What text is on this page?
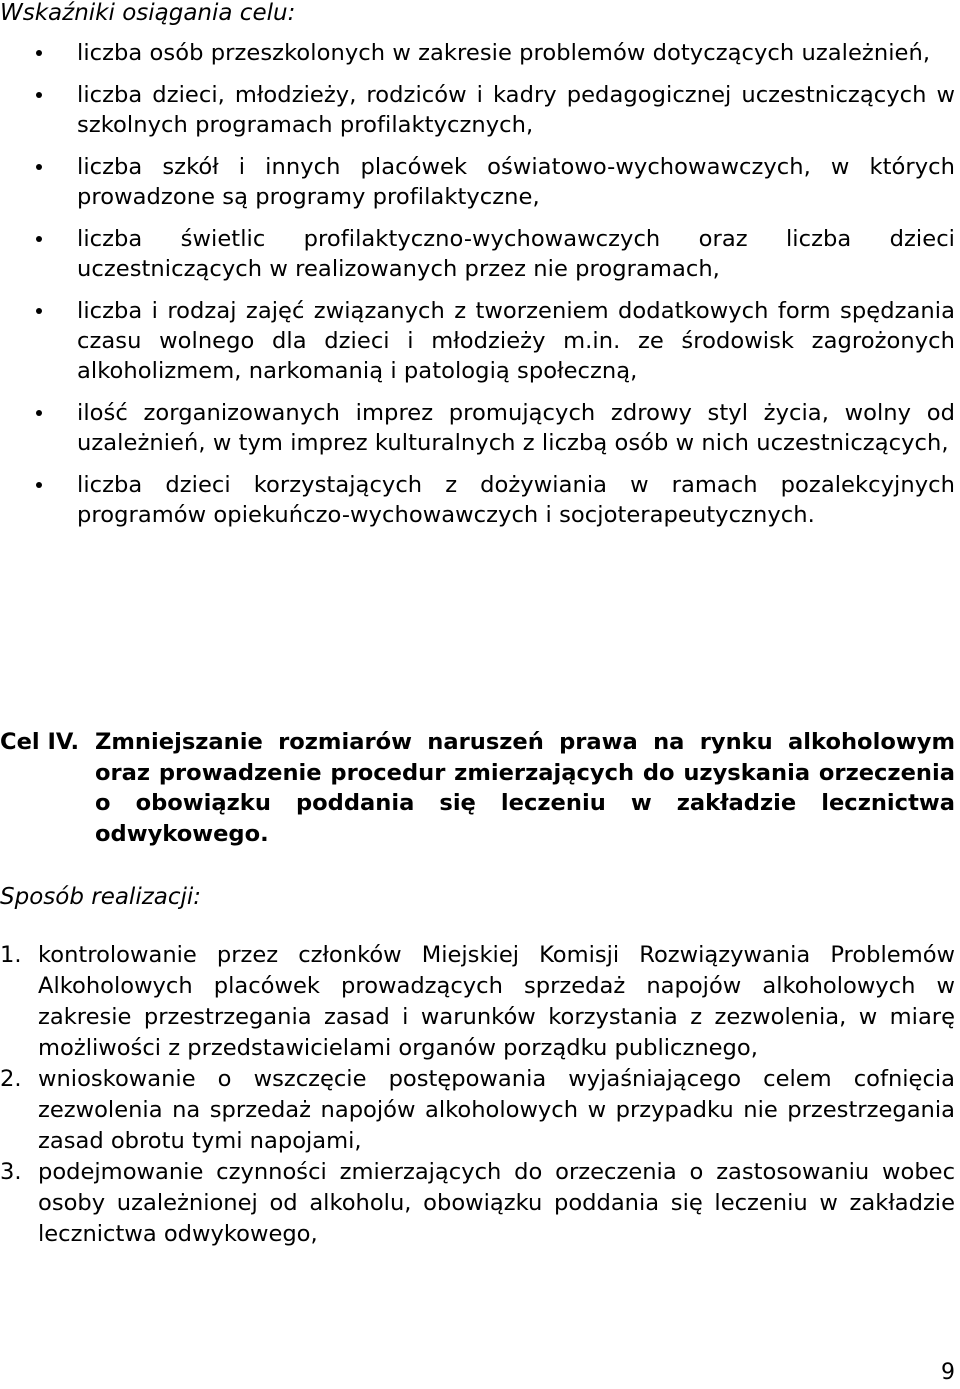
Wskaźniki osiągania celu:
liczba osób przeszkolonych w zakresie problemów dotyczących uzależnień,
liczba dzieci, młodzieży, rodziców i kadry pedagogicznej uczestniczących w szkolnych programach profilaktycznych,
liczba szkół i innych placówek oświatowo-wychowawczych, w których prowadzone są programy profilaktyczne,
liczba świetlic profilaktyczno-wychowawczych oraz liczba dzieci uczestniczących w realizowanych przez nie programach,
liczba i rodzaj zajęć związanych z tworzeniem dodatkowych form spędzania czasu wolnego dla dzieci i młodzieży m.in. ze środowisk zagrożonych alkoholizmem, narkomanią i patologią społeczną,
ilość zorganizowanych imprez promujących zdrowy styl życia, wolny od uzależnień, w tym imprez kulturalnych z liczbą osób w nich uczestniczących,
liczba dzieci korzystających z dożywiania w ramach pozalekcyjnych programów opiekuńczo-wychowawczych i socjoterapeutycznych.
Cel IV. Zmniejszanie rozmiarów naruszeń prawa na rynku alkoholowym oraz prowadzenie procedur zmierzających do uzyskania orzeczenia o obowiązku poddania się leczeniu w zakładzie lecznictwa odwykowego.
Sposób realizacji:
1. kontrolowanie przez członków Miejskiej Komisji Rozwiązywania Problemów Alkoholowych placówek prowadzących sprzedaż napojów alkoholowych w zakresie przestrzegania zasad i warunków korzystania z zezwolenia, w miarę możliwości z przedstawicielami organów porządku publicznego,
2. wnioskowanie o wszczęcie postępowania wyjaśniającego celem cofnięcia zezwolenia na sprzedaż napojów alkoholowych w przypadku nie przestrzegania zasad obrotu tymi napojami,
3. podejmowanie czynności zmierzających do orzeczenia o zastosowaniu wobec osoby uzależnionej od alkoholu, obowiązku poddania się leczeniu w zakładzie lecznictwa odwykowego,
9
